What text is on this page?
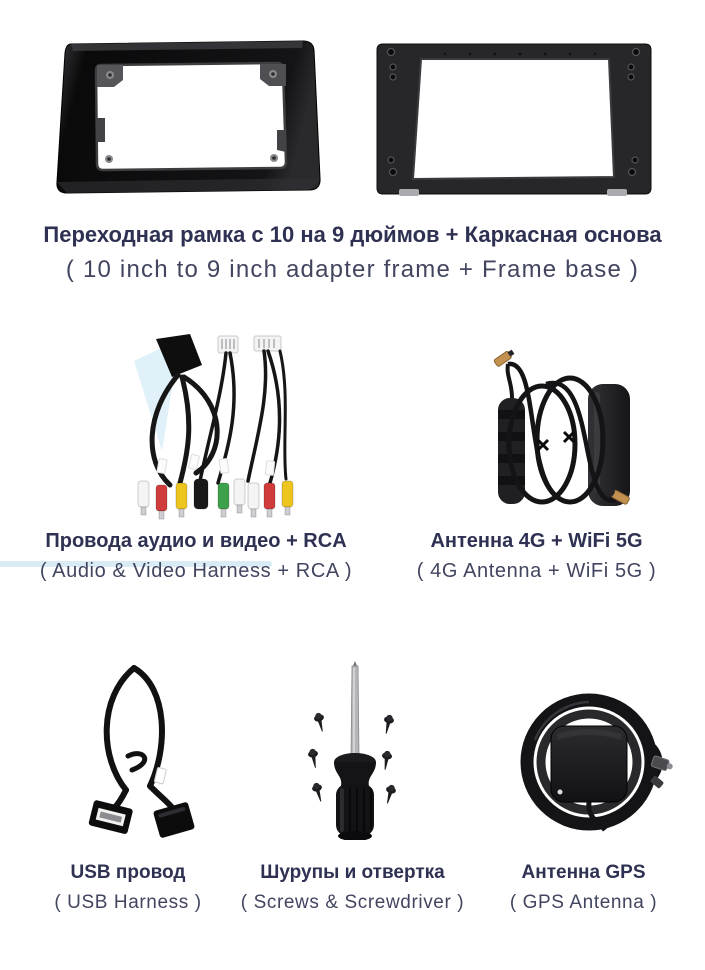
Переходная рамка с 10 на 9 дюймов + Каркасная основа
( 10 inch to 9 inch adapter frame + Frame base )
Провода аудио и видео + RCA
( Audio & Video Harness + RCA )
Антенна 4G + WiFi 5G
( 4G Antenna + WiFi 5G )
USB провод
( USB Harness )
Шурупы и отвертка
( Screws & Screwdriver )
Антенна GPS
( GPS Antenna )
